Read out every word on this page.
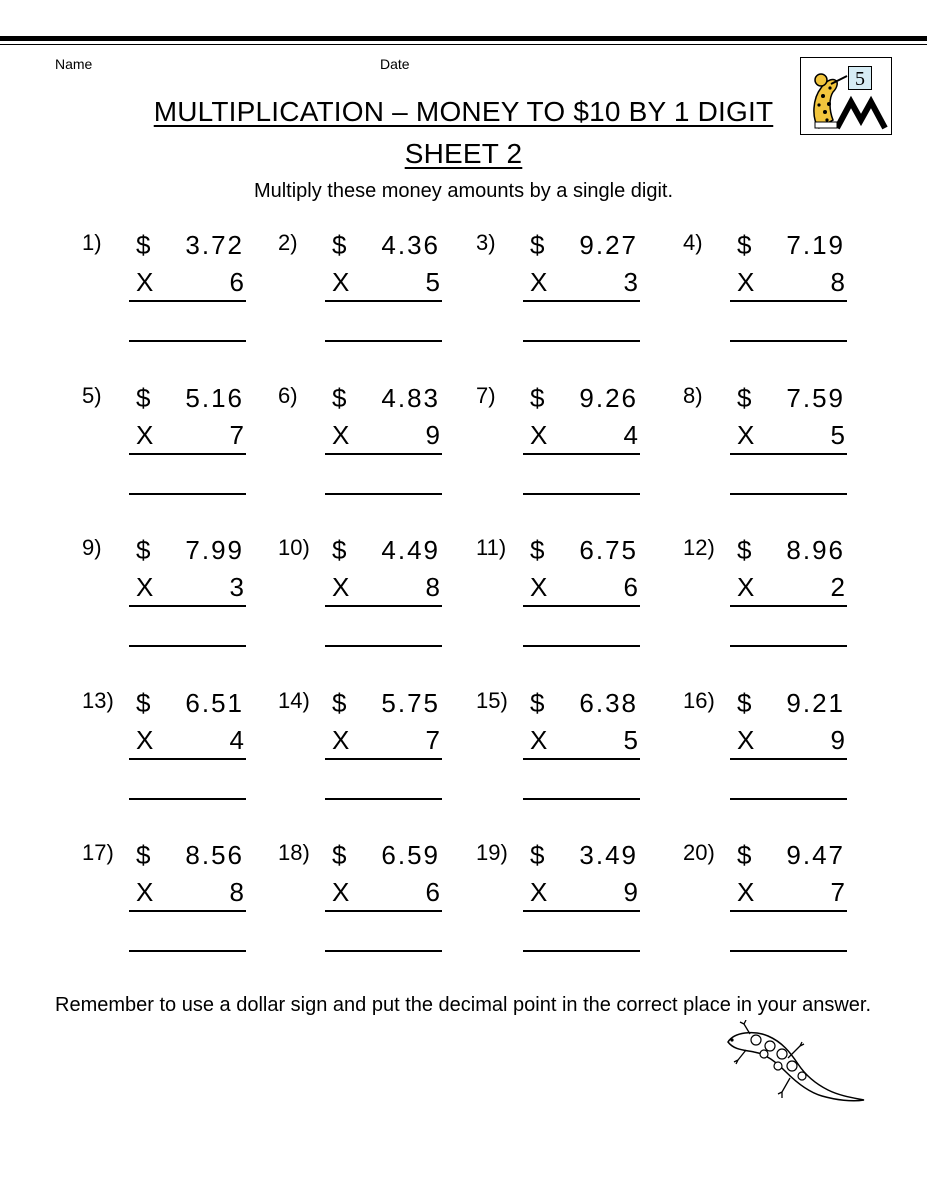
Name	Date
MULTIPLICATION – MONEY TO $10 BY 1 DIGIT
SHEET 2
Multiply these money amounts by a single digit.
5
1) $ 3.72
X	6
2) $ 4.36
X	5
3) $ 9.27
X	3
4) $ 7.19
X	8
5) $ 5.16
X	7
6) $ 4.83
X	9
7) $ 9.26
X	4
8) $ 7.59
X	5
9) $ 7.99
X	3
10) $ 4.49
X	8
11) $ 6.75
X	6
12) $ 8.96
X	2
13) $ 6.51
X	4
14) $ 5.75
X	7
15) $ 6.38
X	5
16) $ 9.21
X	9
17) $ 8.56
X	8
18) $ 6.59
X	6
19) $ 3.49
X	9
20) $ 9.47
X	7
Remember to use a dollar sign and put the decimal point in the correct place in your answer.
